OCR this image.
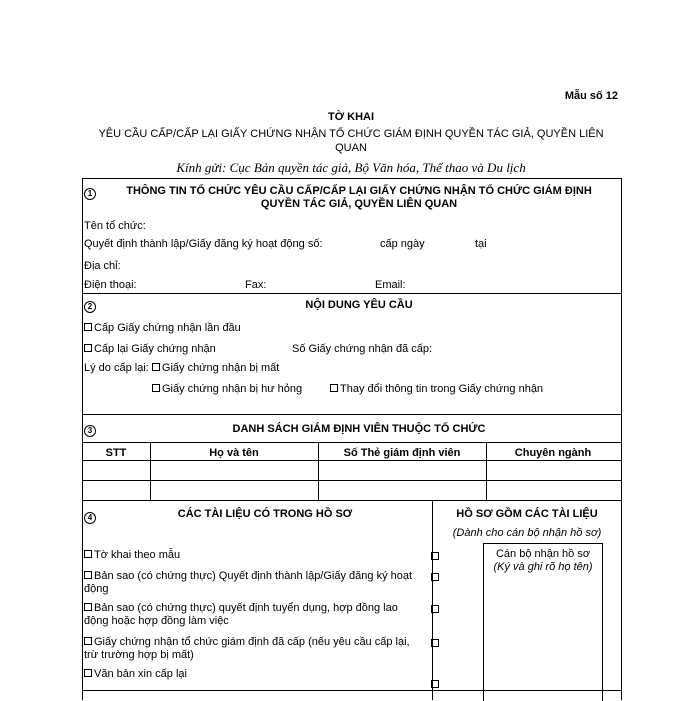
Mẫu số 12
TỜ KHAI
YÊU CẦU CẤP/CẤP LẠI GIẤY CHỨNG NHẬN TỔ CHỨC GIÁM ĐỊNH QUYỀN TÁC GIẢ, QUYỀN LIÊN
QUAN
Kính gửi: Cục Bản quyền tác giả, Bộ Văn hóa, Thể thao và Du lịch
1	THÔNG TIN TỔ CHỨC YÊU CẦU CẤP/CẤP LẠI GIẤY CHỨNG NHẬN TỔ CHỨC GIÁM ĐỊNH
QUYỀN TÁC GIẢ, QUYỀN LIÊN QUAN
Tên tổ chức:
Quyết định thành lập/Giấy đăng ký hoạt động số:	cấp ngày	tại
Địa chỉ:
Điện thoại:	Fax:	Email:
2	NỘI DUNG YÊU CẦU
Cấp Giấy chứng nhận lần đầu
Cấp lại Giấy chứng nhận	Số Giấy chứng nhận đã cấp:
Lý do cấp lại: Giấy chứng nhận bị mất
Giấy chứng nhận bị hư hỏng	Thay đổi thông tin trong Giấy chứng nhận
3	DANH SÁCH GIÁM ĐỊNH VIÊN THUỘC TỔ CHỨC
STT	Họ và tên	Số Thẻ giám định viên	Chuyên ngành
4	CÁC TÀI LIỆU CÓ TRONG HỒ SƠ	HỒ SƠ GỒM CÁC TÀI LIỆU
(Dành cho cán bộ nhận hồ sơ)
Cán bộ nhận hồ sơ
(Ký và ghi rõ họ tên)
Tờ khai theo mẫu
Bản sao (có chứng thực) Quyết định thành lập/Giấy đăng ký hoạt
động
Bản sao (có chứng thực) quyết định tuyển dụng, hợp đồng lao
động hoặc hợp đồng làm việc
Giấy chứng nhận tổ chức giám định đã cấp (nếu yêu cầu cấp lại,
trừ trường hợp bị mất)
Văn bản xin cấp lại
